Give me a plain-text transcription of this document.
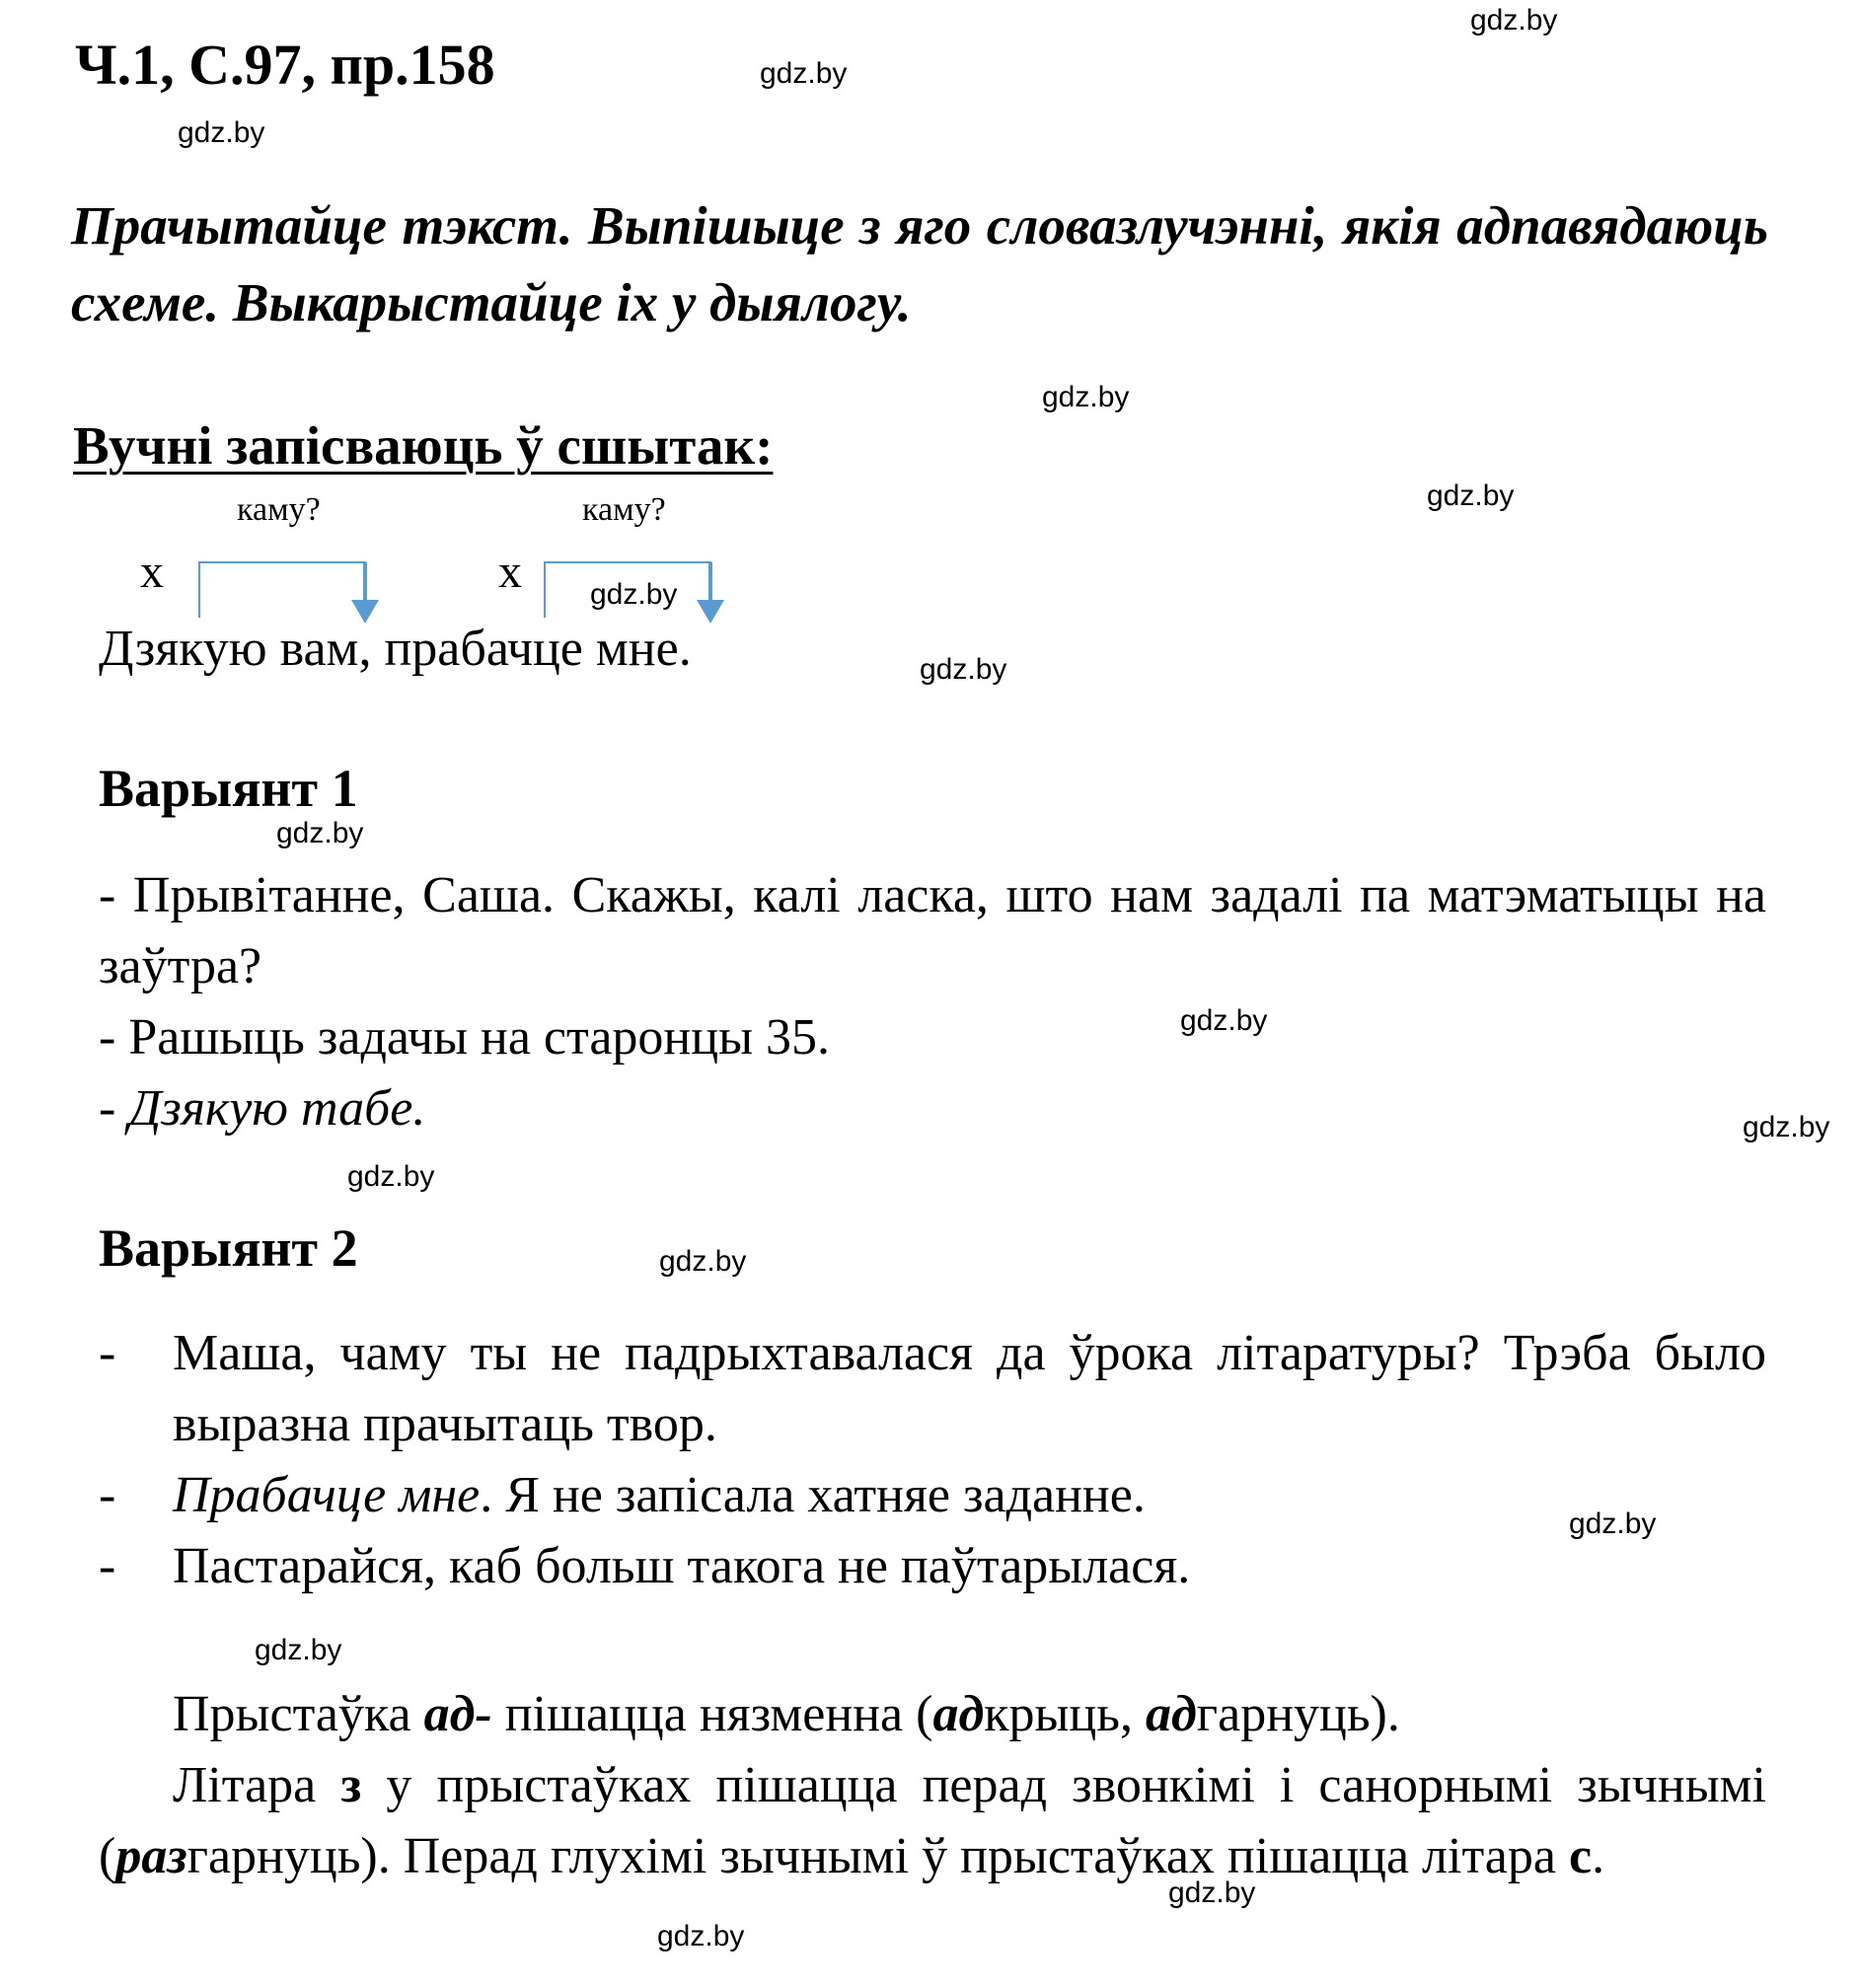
Ч.1, С.97, пр.158
Прачытайце тэкст. Выпішыце з яго словазлучэнні, якія адпавядаюць схеме. Выкарыстайце іх у дыялогу.
Вучні запісваюць ў сшытак:
каму?	каму?
х	х
Дзякую вам, прабачце мне.
Варыянт 1
- Прывітанне, Саша. Скажы, калі ласка, што нам задалі па матэматыцы на заўтра?
- Рашыць задачы на старонцы 35.
- Дзякую табе.
Варыянт 2
- Маша, чаму ты не падрыхтавалася да ўрока літаратуры? Трэба было выразна прачытаць твор.
- Прабачце мне. Я не запісала хатняе заданне.
- Пастарайся, каб больш такога не паўтарылася.
Прыстаўка ад- пішацца нязменна (адкрыць, адгарнуць).
Літара з у прыстаўках пішацца перад звонкімі і санорнымі зычнымі (разгарнуць). Перад глухімі зычнымі ў прыстаўках пішацца літара с.
gdz.by
gdz.by
gdz.by
gdz.by
gdz.by
gdz.by
gdz.by
gdz.by
gdz.by
gdz.by
gdz.by
gdz.by
gdz.by
gdz.by
gdz.by
gdz.by
